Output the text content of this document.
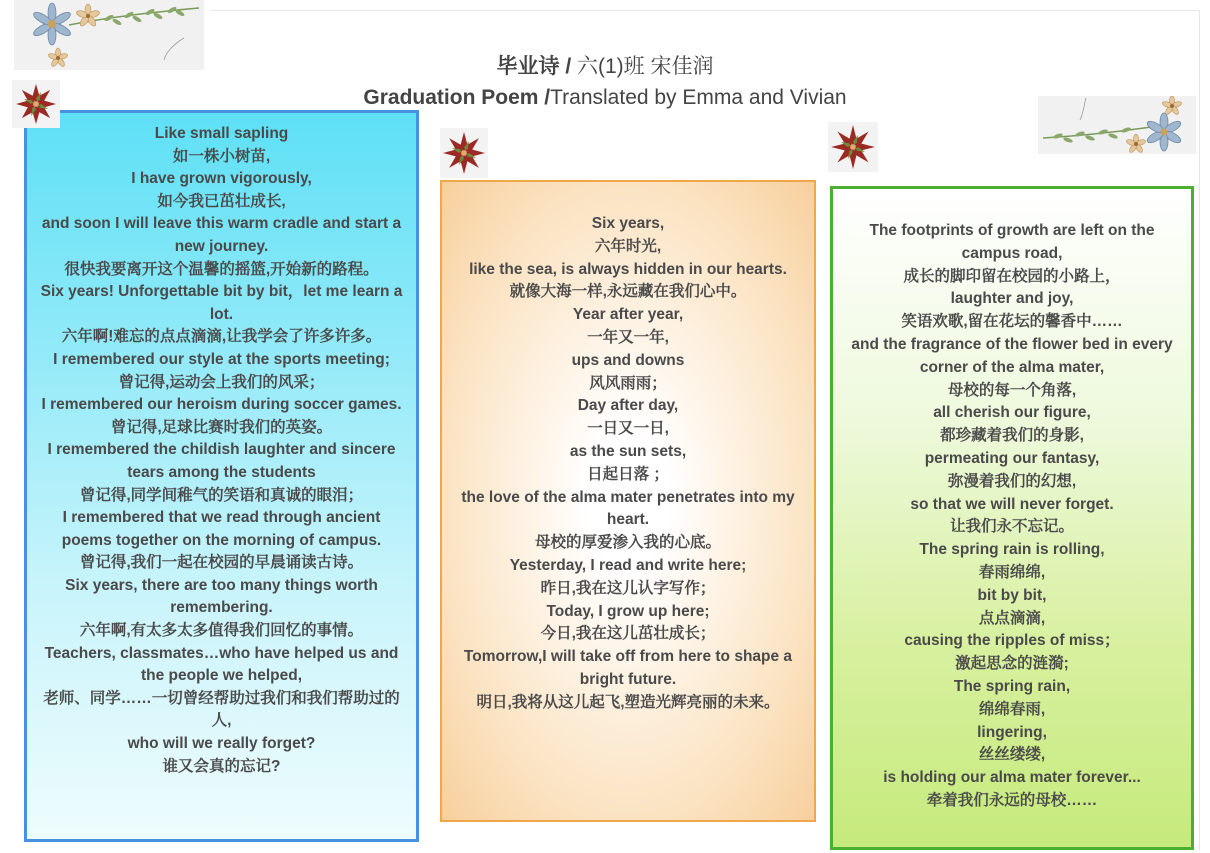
毕业诗 / 六(1)班 宋佳润
Graduation Poem /Translated by Emma and Vivian
Like small sapling
如一株小树苗,
I have grown vigorously,
如今我已茁壮成长,
and soon I will leave this warm cradle and start a new journey.
很快我要离开这个温馨的摇篮,开始新的路程。
Six years! Unforgettable bit by bit，let me learn a lot.
六年啊!难忘的点点滴滴,让我学会了许多许多。
I remembered our style at the sports meeting;
曾记得,运动会上我们的风采；
I remembered our heroism during soccer games.
曾记得,足球比赛时我们的英姿。
I remembered the childish laughter and sincere tears among the students
曾记得,同学间稚气的笑语和真诚的眼泪；
I remembered that we read through ancient poems together on the morning of campus.
曾记得,我们一起在校园的早晨诵读古诗。
Six years, there are too many things worth remembering.
六年啊,有太多太多值得我们回忆的事情。
Teachers, classmates…who have helped us and the people we helped,
老师、同学……一切曾经帮助过我们和我们帮助过的人,
who will we really forget?
谁又会真的忘记?
Six years,
六年时光,
like the sea, is always hidden in our hearts.
就像大海一样,永远藏在我们心中。
Year after year,
一年又一年,
ups and downs
风风雨雨；
Day after day,
一日又一日,
as the sun sets,
日起日落 ；
the love of the alma mater penetrates into my heart.
母校的厚爱渗入我的心底。
Yesterday, I read and write here;
昨日,我在这儿认字写作；
Today, I grow up here;
今日,我在这儿茁壮成长；
Tomorrow,I will take off from here to shape a bright future.
明日,我将从这儿起飞,塑造光辉亮丽的未来。
The footprints of growth are left on the campus road,
成长的脚印留在校园的小路上，
laughter and joy,
笑语欢歌,留在花坛的馨香中……
and the fragrance of the flower bed in every corner of the alma mater,
母校的每一个角落,
all cherish our figure,
都珍藏着我们的身影,
permeating our fantasy,
弥漫着我们的幻想,
so that we will never forget.
让我们永不忘记。
The spring rain is rolling,
春雨绵绵,
bit by bit,
点点滴滴,
causing the ripples of miss；
激起思念的涟漪;
The spring rain,
绵绵春雨,
lingering,
丝丝缕缕,
is holding our alma mater forever...
牵着我们永远的母校……
